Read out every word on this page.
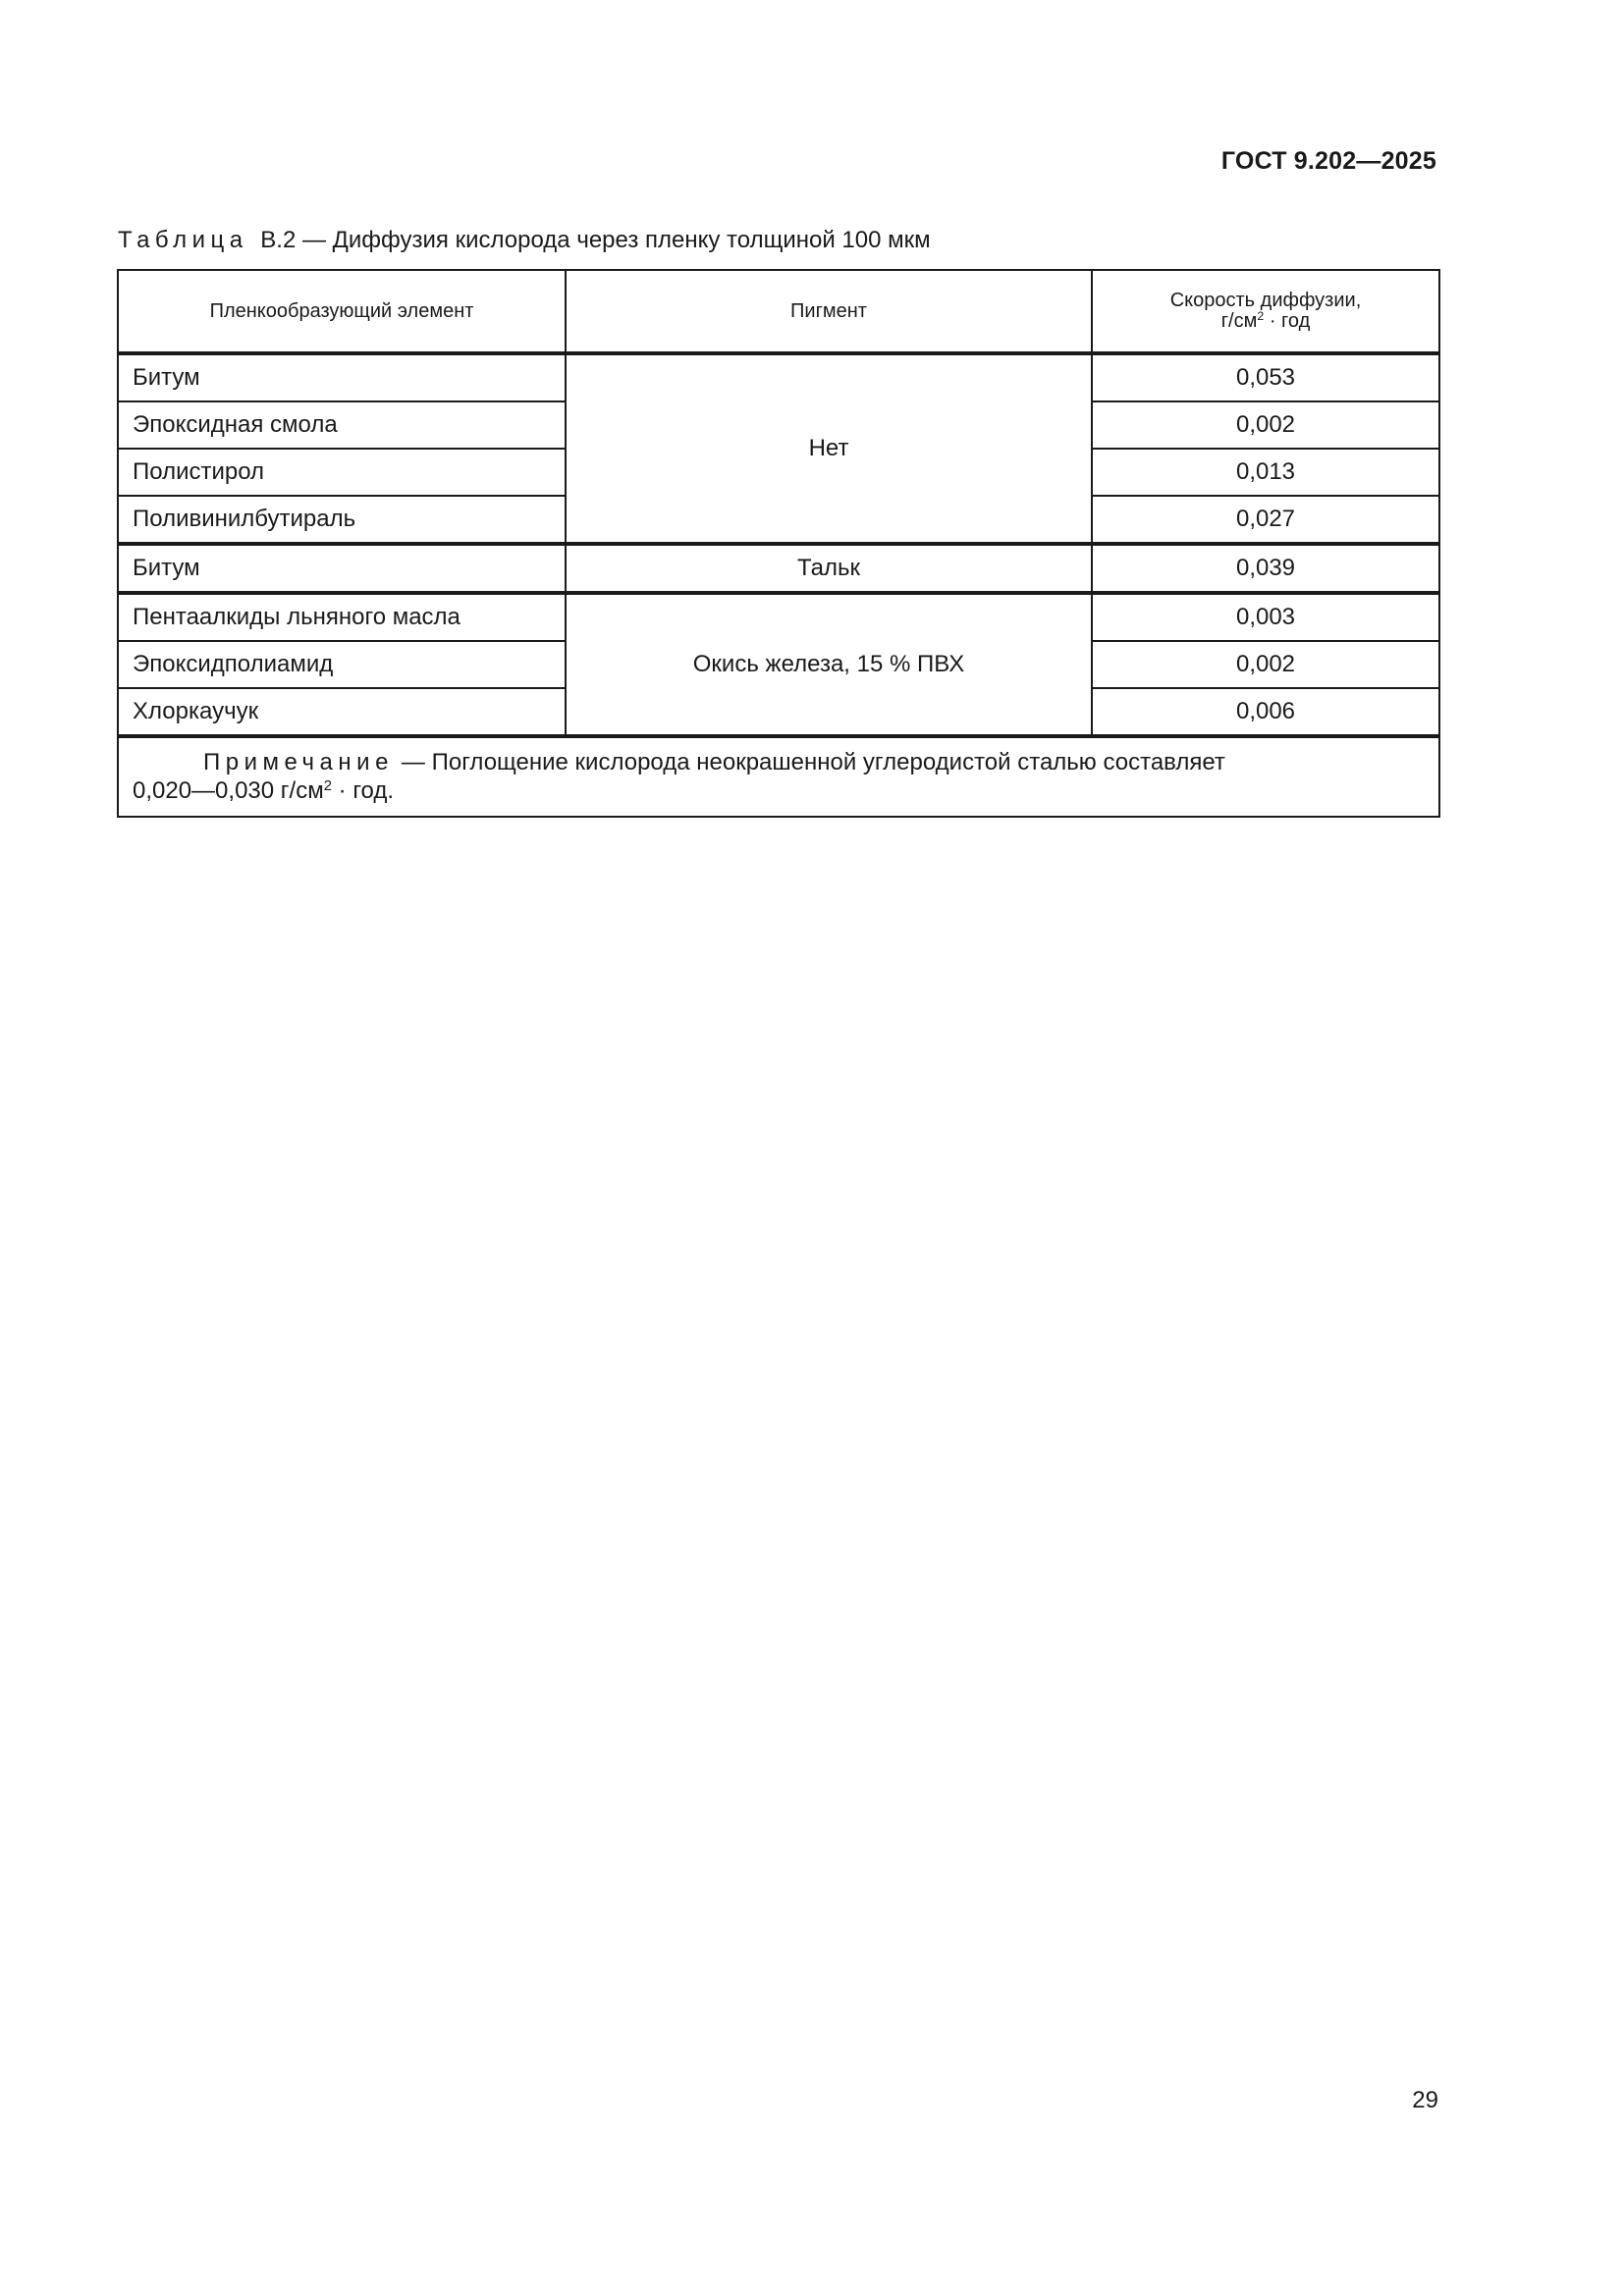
ГОСТ 9.202—2025
Таблица В.2 — Диффузия кислорода через пленку толщиной 100 мкм
Пленкообразующий элемент	Пигмент	Скорость диффузии,
$г/см^2$ · год
Битум	Нет	0,053
Эпоксидная смола		0,002
Полистирол		0,013
Поливинилбутираль		0,027
Битум	Тальк	0,039
Пентаалкиды льняного масла	Окись железа, 15 % ПВХ	0,003
Эпоксидполиамид		0,002
Хлоркаучук		0,006
Примечание — Поглощение кислорода неокрашенной углеродистой сталью составляет
0,020—0,030 $г/см^2$ · год.		
29
